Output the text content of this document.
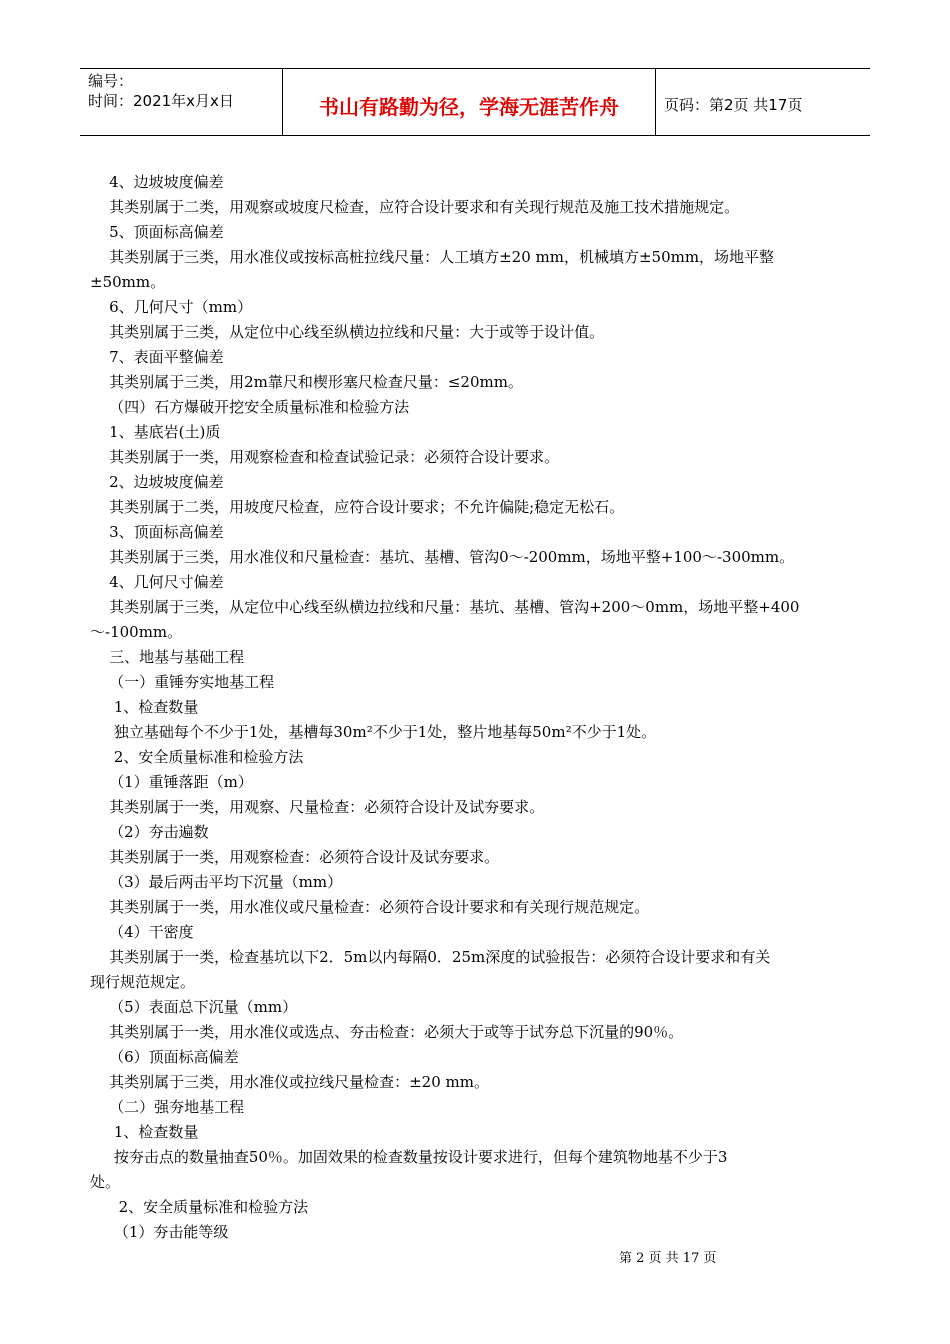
编号：
时间：2021年x月x日	书山有路勤为径，学海无涯苦作舟	页码：第2页 共17页

4、边坡坡度偏差

其类别属于二类，用观察或坡度尺检查，应符合设计要求和有关现行规范及施工技术措施规定。

5、顶面标高偏差

其类别属于三类，用水准仪或按标高桩拉线尺量：人工填方±20 mm，机械填方±50mm，场地平整

±50mm。

6、几何尺寸（mm）

其类别属于三类，从定位中心线至纵横边拉线和尺量：大于或等于设计值。

7、表面平整偏差

其类别属于三类，用2m靠尺和楔形塞尺检查尺量：≤20mm。

（四）石方爆破开挖安全质量标准和检验方法

1、基底岩(土)质

其类别属于一类，用观察检查和检查试验记录：必须符合设计要求。

2、边坡坡度偏差

其类别属于二类，用坡度尺检查，应符合设计要求；不允许偏陡;稳定无松石。

3、顶面标高偏差

其类别属于三类，用水准仪和尺量检查：基坑、基槽、管沟0～-200mm，场地平整+100～-300mm。

4、几何尺寸偏差

其类别属于三类，从定位中心线至纵横边拉线和尺量：基坑、基槽、管沟+200～0mm，场地平整+400

～-100mm。

三、地基与基础工程

（一）重锤夯实地基工程

1、检查数量

独立基础每个不少于1处，基槽每30m²不少于1处，整片地基每50m²不少于1处。

2、安全质量标准和检验方法

（1）重锤落距（m）

其类别属于一类，用观察、尺量检查：必须符合设计及试夯要求。

（2）夯击遍数

其类别属于一类，用观察检查：必须符合设计及试夯要求。

（3）最后两击平均下沉量（mm）

其类别属于一类，用水准仪或尺量检查：必须符合设计要求和有关现行规范规定。

（4）干密度

其类别属于一类，检查基坑以下2．5m以内每隔0．25m深度的试验报告：必须符合设计要求和有关

现行规范规定。

（5）表面总下沉量（mm）

其类别属于一类，用水准仪或选点、夯击检查：必须大于或等于试夯总下沉量的90％。

（6）顶面标高偏差

其类别属于三类，用水准仪或拉线尺量检查：±20 mm。

（二）强夯地基工程

1、检查数量

按夯击点的数量抽查50％。加固效果的检查数量按设计要求进行，但每个建筑物地基不少于3

处。

2、安全质量标准和检验方法

（1）夯击能等级

第 2 页 共 17 页
